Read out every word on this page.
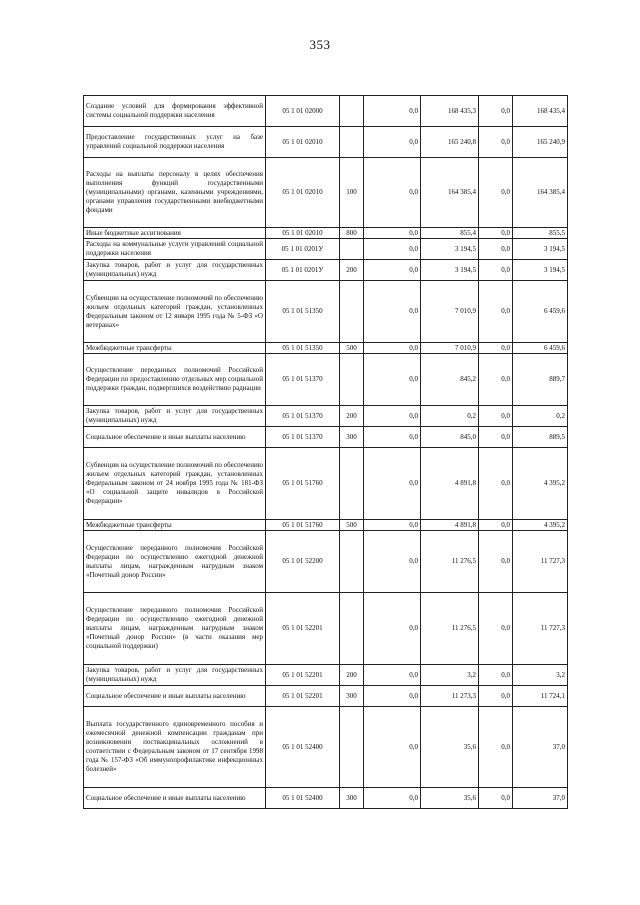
353
Создание условий для формирования эффективной системы социальной поддержки населения	05 1 01 02000		0,0	168 435,3	0,0	168 435,4
Предоставление государственных услуг на базе управлений социальной поддержки населения	05 1 01 02010		0,0	165 240,8	0,0	165 240,9
Расходы на выплаты персоналу в целях обеспечения выполнения функций государственными (муниципальными) органами, казенными учреждениями, органами управления государственными внебюджетными фондами	05 1 01 02010	100	0,0	164 385,4	0,0	164 385,4
Иные бюджетные ассигнования	05 1 01 02010	800	0,0	855,4	0,0	855,5
Расходы на коммунальные услуги управлений социальной поддержки населения	05 1 01 0201У		0,0	3 194,5	0,0	3 194,5
Закупка товаров, работ и услуг для государственных (муниципальных) нужд	05 1 01 0201У	200	0,0	3 194,5	0,0	3 194,5
Субвенции на осуществление полномочий по обеспечению жильем отдельных категорий граждан, установленных Федеральным законом от 12 января 1995 года № 5-ФЗ «О ветеранах»	05 1 01 51350		0,0	7 010,9	0,0	6 459,6
Межбюджетные трансферты	05 1 01 51350	500	0,0	7 010,9	0,0	6 459,6
Осуществление переданных полномочий Российской Федерации по предоставлению отдельных мер социальной поддержки граждан, подвергшихся воздействию радиации	05 1 01 51370		0,0	845,2	0,0	889,7
Закупка товаров, работ и услуг для государственных (муниципальных) нужд	05 1 01 51370	200	0,0	0,2	0,0	0,2
Социальное обеспечение и иные выплаты населению	05 1 01 51370	300	0,0	845,0	0,0	889,5
Субвенции на осуществление полномочий по обеспечению жильем отдельных категорий граждан, установленных Федеральным законом от 24 ноября 1995 года № 181-ФЗ «О социальной защите инвалидов в Российской Федерации»	05 1 01 51760		0,0	4 891,8	0,0	4 395,2
Межбюджетные трансферты	05 1 01 51760	500	0,0	4 891,8	0,0	4 395,2
Осуществление переданного полномочия Российской Федерации по осуществлению ежегодной денежной выплаты лицам, награжденным нагрудным знаком «Почетный донор России»	05 1 01 52200		0,0	11 276,5	0,0	11 727,3
Осуществление переданного полномочия Российской Федерации по осуществлению ежегодной денежной выплаты лицам, награжденным нагрудным знаком «Почетный донор России» (в части оказания мер социальной поддержки)	05 1 01 52201		0,0	11 276,5	0,0	11 727,3
Закупка товаров, работ и услуг для государственных (муниципальных) нужд	05 1 01 52201	200	0,0	3,2	0,0	3,2
Социальное обеспечение и иные выплаты населению	05 1 01 52201	300	0,0	11 273,3	0,0	11 724,1
Выплата государственного единовременного пособия и ежемесячной денежной компенсации гражданам при возникновении поствакцинальных осложнений в соответствии с Федеральным законом от 17 сентября 1998 года № 157-ФЗ «Об иммунопрофилактике инфекционных болезней»	05 1 01 52400		0,0	35,6	0,0	37,0
Социальное обеспечение и иные выплаты населению	05 1 01 52400	300	0,0	35,6	0,0	37,0
